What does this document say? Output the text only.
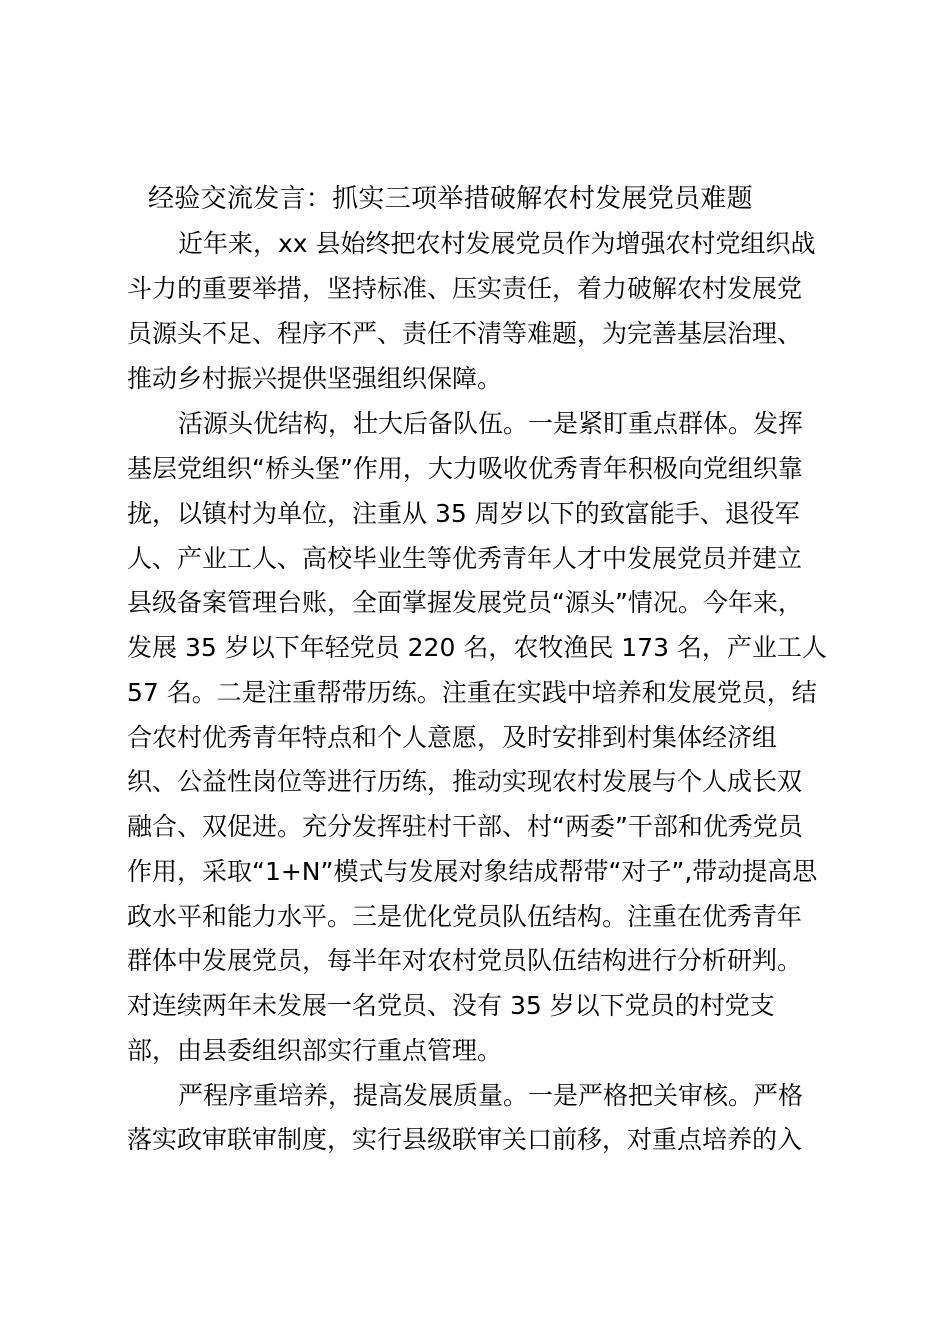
经验交流发言：抓实三项举措破解农村发展党员难题
近年来，xx 县始终把农村发展党员作为增强农村党组织战
斗力的重要举措，坚持标准、压实责任，着力破解农村发展党
员源头不足、程序不严、责任不清等难题，为完善基层治理、
推动乡村振兴提供坚强组织保障。
活源头优结构，壮大后备队伍。一是紧盯重点群体。发挥
基层党组织“桥头堡”作用，大力吸收优秀青年积极向党组织靠
拢，以镇村为单位，注重从 35 周岁以下的致富能手、退役军
人、产业工人、高校毕业生等优秀青年人才中发展党员并建立
县级备案管理台账，全面掌握发展党员“源头”情况。今年来，
发展 35 岁以下年轻党员 220 名，农牧渔民 173 名，产业工人
57 名。二是注重帮带历练。注重在实践中培养和发展党员，结
合农村优秀青年特点和个人意愿，及时安排到村集体经济组
织、公益性岗位等进行历练，推动实现农村发展与个人成长双
融合、双促进。充分发挥驻村干部、村“两委”干部和优秀党员
作用，采取“1+N”模式与发展对象结成帮带“对子”,带动提高思
政水平和能力水平。三是优化党员队伍结构。注重在优秀青年
群体中发展党员，每半年对农村党员队伍结构进行分析研判。
对连续两年未发展一名党员、没有 35 岁以下党员的村党支
部，由县委组织部实行重点管理。
严程序重培养，提高发展质量。一是严格把关审核。严格
落实政审联审制度，实行县级联审关口前移，对重点培养的入
